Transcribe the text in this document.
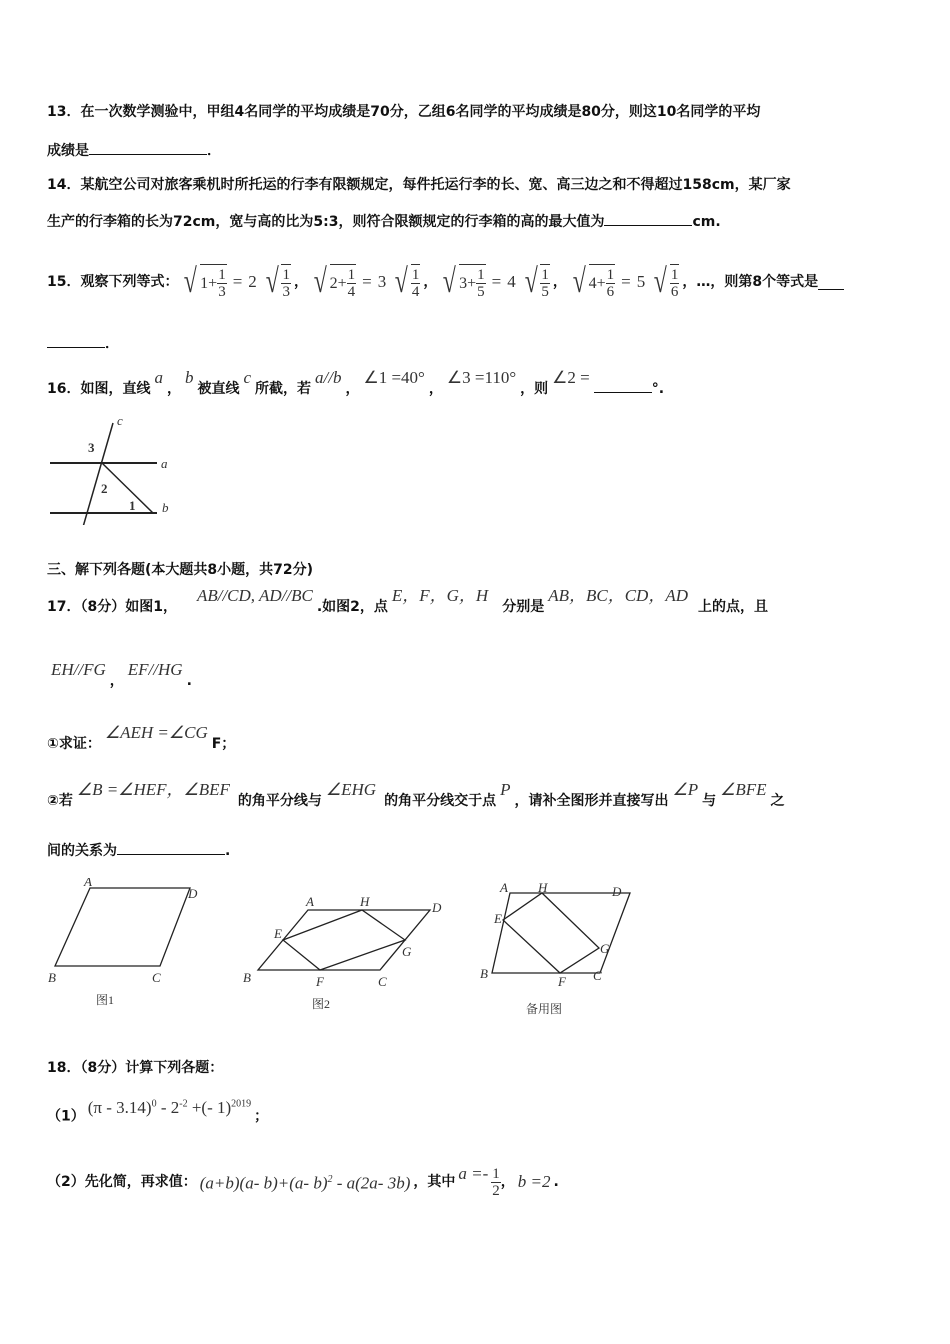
13．在一次数学测验中，甲组4名同学的平均成绩是70分，乙组6名同学的平均成绩是80分，则这10名同学的平均
成绩是	．
14．某航空公司对旅客乘机时所托运的行李有限额规定，每件托运行李的长、宽、高三边之和不得超过158cm，某厂家
生产的行李箱的长为72cm，宽与高的比为5:3，则符合限额规定的行李箱的高的最大值为	cm.
15．观察下列等式： √ $1 + \frac{1}{3} = 2$ √ $\frac{1}{3}$ ， √ $2 + \frac{1}{4} = 3$ √ $\frac{1}{4}$ ， √ $3 + \frac{1}{5} = 4$ √ $\frac{1}{5}$ ， √ $4 + \frac{1}{6} = 5$ √ $\frac{1}{6}$ ，…，则第8个等式是
．
16．如图，直线a，b被直线c所截，若a//b，∠1 =40°，∠3 =110°，则∠2 =°.
3
c
a
2
1 b
三、解下列各题(本大题共8小题，共72分)
17．（8分）如图1，AB//CD, AD//BC.如图2，点E，F，G，H分别是AB，BC，CD，AD上的点，且
EH//FG，EF//HG.
①求证：∠AEH =∠CGF；
②若∠B =∠HEF，∠BEF的角平分线与∠EHG的角平分线交于点P，请补全图形并直接写出∠P与∠BFE之
间的关系为	.
A
D
B	C
图1
A	H	D
E
G
B	F	C
图2
A H	D
E
G
B
F C
备用图
18．（8分）计算下列各题：
（1） $(\pi - 3.14)^0 - 2^{-2}$ +(- 1)$^{2019}$；
（2）先化简，再求值： (a+b)(a- b)+(a- b)$^2$ - a(2a- 3b) ，其中 $a =- \frac{1}{2}$ ， b =2 .
